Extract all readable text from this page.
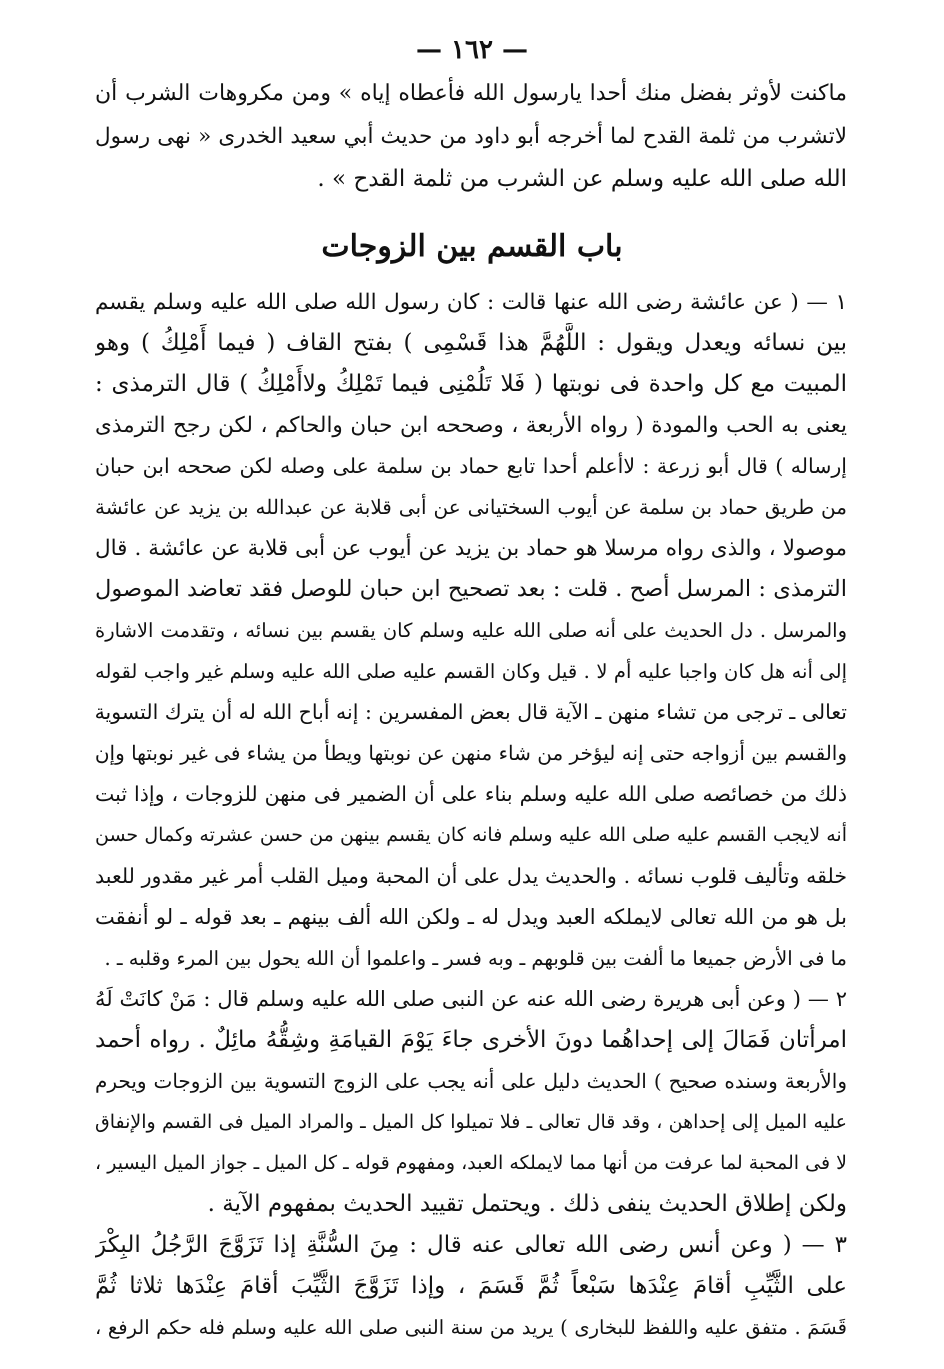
— ١٦٢ —
ماكنت لأوثر بفضل منك أحدا يارسول الله فأعطاه إياه » ومن مكروهات الشرب أن
لاتشرب من ثلمة القدح لما أخرجه أبو داود من حديث أبي سعيد الخدرى « نهى رسول
الله صلى الله عليه وسلم عن الشرب من ثلمة القدح » .
باب القسم بين الزوجات
١ — ( عن عائشة رضى الله عنها قالت : كان رسول الله صلى الله عليه وسلم يقسم
بين نسائه ويعدل ويقول : اللَّهُمَّ هذا قَسْمِى ) بفتح القاف ( فيما أَمْلِكُ ) وهو
المبيت مع كل واحدة فى نوبتها ( فَلا تَلُمْنِى فيما تَمْلِكُ ولاأَمْلِكُ ) قال الترمذى :
يعنى به الحب والمودة ( رواه الأربعة ، وصححه ابن حبان والحاكم ، لكن رجح الترمذى
إرساله ) قال أبو زرعة : لاأعلم أحدا تابع حماد بن سلمة على وصله لكن صححه ابن حبان
من طريق حماد بن سلمة عن أيوب السختيانى عن أبى قلابة عن عبدالله بن يزيد عن عائشة
موصولا ، والذى رواه مرسلا هو حماد بن يزيد عن أيوب عن أبى قلابة عن عائشة . قال
الترمذى : المرسل أصح . قلت : بعد تصحيح ابن حبان للوصل فقد تعاضد الموصول
والمرسل . دل الحديث على أنه صلى الله عليه وسلم كان يقسم بين نسائه ، وتقدمت الاشارة
إلى أنه هل كان واجبا عليه أم لا . قيل وكان القسم عليه صلى الله عليه وسلم غير واجب لقوله
تعالى ـ ترجى من تشاء منهن ـ الآية قال بعض المفسرين : إنه أباح الله له أن يترك التسوية
والقسم بين أزواجه حتى إنه ليؤخر من شاء منهن عن نوبتها ويطأ من يشاء فى غير نوبتها وإن
ذلك من خصائصه صلى الله عليه وسلم بناء على أن الضمير فى منهن للزوجات ، وإذا ثبت
أنه لايجب القسم عليه صلى الله عليه وسلم فانه كان يقسم بينهن من حسن عشرته وكمال حسن
خلقه وتأليف قلوب نسائه . والحديث يدل على أن المحبة وميل القلب أمر غير مقدور للعبد
بل هو من الله تعالى لايملكه العبد ويدل له ـ ولكن الله ألف بينهم ـ بعد قوله ـ لو أنفقت
ما فى الأرض جميعا ما ألفت بين قلوبهم ـ وبه فسر ـ واعلموا أن الله يحول بين المرء وقلبه ـ .
٢ — ( وعن أبى هريرة رضى الله عنه عن النبى صلى الله عليه وسلم قال : مَنْ كانَتْ لَهُ
امرأتان فَمَالَ إلى إحداهُما دونَ الأخرى جاءَ يَوْمَ القيامَةِ وشِقُّهُ مائِلٌ . رواه أحمد
والأربعة وسنده صحيح ) الحديث دليل على أنه يجب على الزوج التسوية بين الزوجات ويحرم
عليه الميل إلى إحداهن ، وقد قال تعالى ـ فلا تميلوا كل الميل ـ والمراد الميل فى القسم والإنفاق
لا فى المحبة لما عرفت من أنها مما لايملكه العبد، ومفهوم قوله ـ كل الميل ـ جواز الميل اليسير ،
ولكن إطلاق الحديث ينفى ذلك . ويحتمل تقييد الحديث بمفهوم الآية .
٣ — ( وعن أنس رضى الله تعالى عنه قال : مِنَ السُّنَّةِ إذا تَزَوَّجَ الرَّجُلُ البِكْرَ
على الثَّيِّبِ أقامَ عِنْدَها سَبْعاً ثُمَّ قَسَمَ ، وإذا تَزَوَّجَ الثَّيِّبَ أقامَ عِنْدَها ثلاثا ثُمَّ
قَسَمَ . متفق عليه واللفظ للبخارى ) يريد من سنة النبى صلى الله عليه وسلم فله حكم الرفع ،
